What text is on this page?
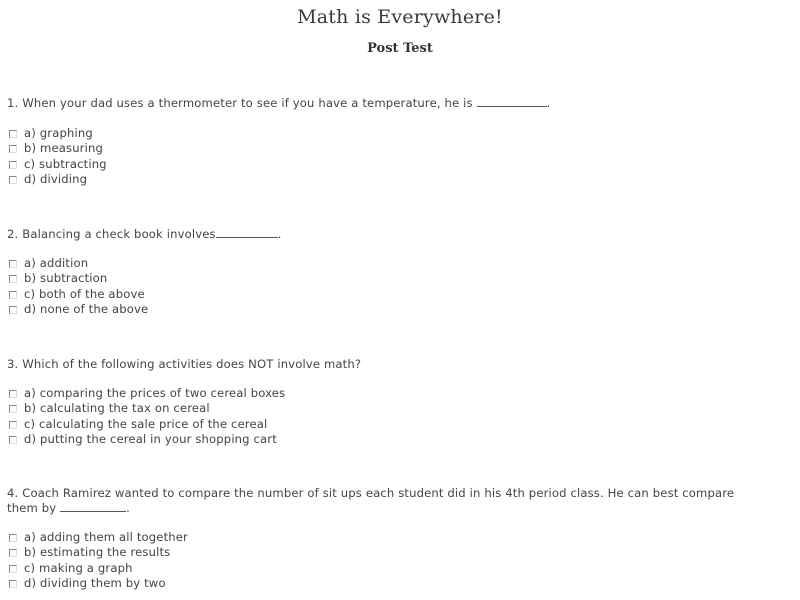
Math is Everywhere!
Post Test
1. When your dad uses a thermometer to see if you have a temperature, he is	.
a) graphing
b) measuring
c) subtracting
d) dividing
2. Balancing a check book involves	.
a) addition
b) subtraction
c) both of the above
d) none of the above
3. Which of the following activities does NOT involve math?
a) comparing the prices of two cereal boxes
b) calculating the tax on cereal
c) calculating the sale price of the cereal
d) putting the cereal in your shopping cart
4. Coach Ramirez wanted to compare the number of sit ups each student did in his 4th period class. He can best compare them by	.
a) adding them all together
b) estimating the results
c) making a graph
d) dividing them by two
